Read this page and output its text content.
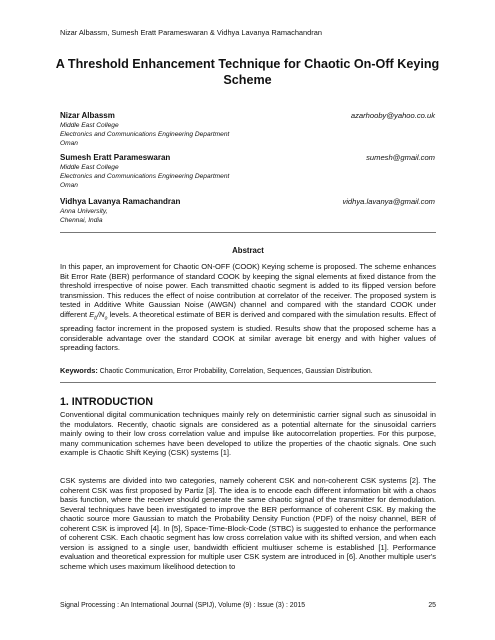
Nizar Albassm, Sumesh Eratt Parameswaran & Vidhya Lavanya Ramachandran
A Threshold Enhancement Technique for Chaotic On-Off Keying Scheme
Nizar Albassm	azarhooby@yahoo.co.uk
Middle East College
Electronics and Communications Engineering Department
Oman
Sumesh Eratt Parameswaran	sumesh@gmail.com
Middle East College
Electronics and Communications Engineering Department
Oman
Vidhya Lavanya Ramachandran	vidhya.lavanya@gmail.com
Anna University,
Chennai, India
Abstract
In this paper, an improvement for Chaotic ON-OFF (COOK) Keying scheme is proposed. The scheme enhances Bit Error Rate (BER) performance of standard COOK by keeping the signal elements at fixed distance from the threshold irrespective of noise power. Each transmitted chaotic segment is added to its flipped version before transmission. This reduces the effect of noise contribution at correlator of the receiver. The proposed system is tested in Additive White Gaussian Noise (AWGN) channel and compared with the standard COOK under different $E_b/N_o$ levels. A theoretical estimate of BER is derived and compared with the simulation results. Effect of spreading factor increment in the proposed system is studied. Results show that the proposed scheme has a considerable advantage over the standard COOK at similar average bit energy and with higher values of spreading factors.
Keywords: Chaotic Communication, Error Probability, Correlation, Sequences, Gaussian Distribution.
1. INTRODUCTION
Conventional digital communication techniques mainly rely on deterministic carrier signal such as sinusoidal in the modulators. Recently, chaotic signals are considered as a potential alternate for the sinusoidal carriers mainly owing to their low cross correlation value and impulse like autocorrelation properties. For this purpose, many communication schemes have been developed to utilize the properties of the chaotic signals. One such example is Chaotic Shift Keying (CSK) systems [1].
CSK systems are divided into two categories, namely coherent CSK and non-coherent CSK systems [2]. The coherent CSK was first proposed by Partiz [3]. The idea is to encode each different information bit with a chaos basis function, where the receiver should generate the same chaotic signal of the transmitter for demodulation. Several techniques have been investigated to improve the BER performance of coherent CSK. By making the chaotic source more Gaussian to match the Probability Density Function (PDF) of the noisy channel, BER of coherent CSK is improved [4]. In [5], Space-Time-Block-Code (STBC) is suggested to enhance the performance of coherent CSK. Each chaotic segment has low cross correlation value with its shifted version, and when each version is assigned to a single user, bandwidth efficient multiuser scheme is established [1]. Performance evaluation and theoretical expression for multiple user CSK system are introduced in [6]. Another multiple user's scheme which uses maximum likelihood detection to
Signal Processing : An International Journal (SPIJ), Volume (9) : Issue (3) : 2015	25
